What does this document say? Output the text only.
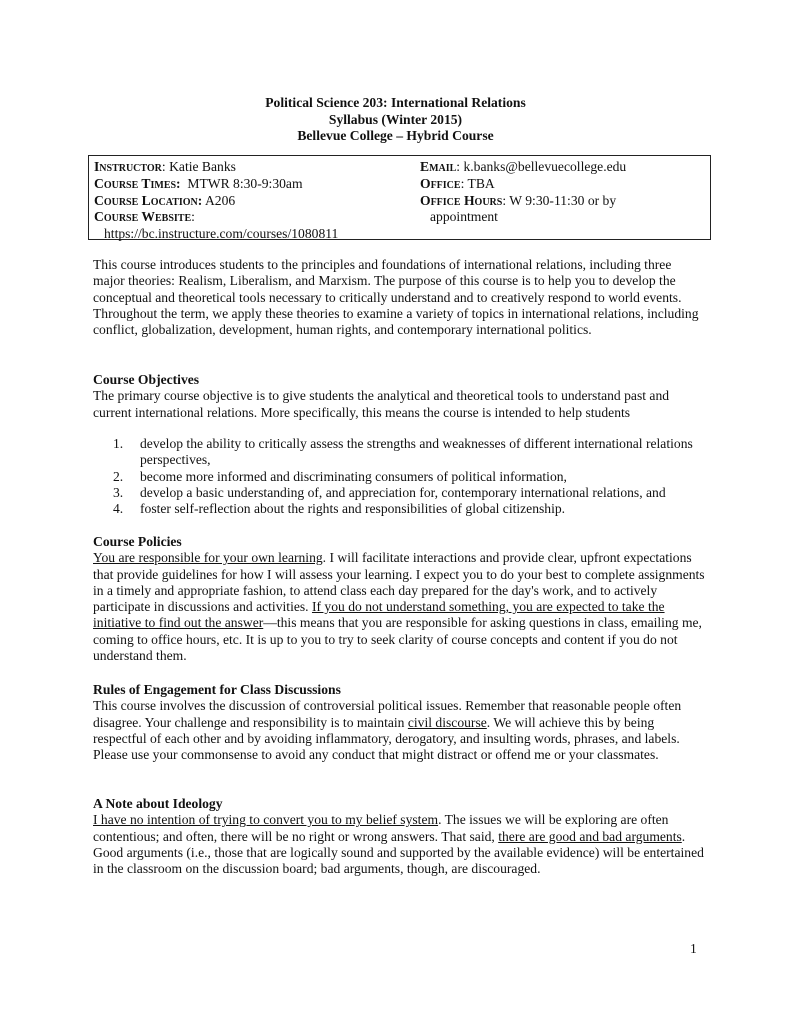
Political Science 203: International Relations
Syllabus (Winter 2015)
Bellevue College – Hybrid Course
Instructor: Katie Banks
Course Times: MTWR 8:30-9:30am
Course Location: A206
Course Website:
https://bc.instructure.com/courses/1080811
Email: k.banks@bellevuecollege.edu
Office: TBA
Office Hours: W 9:30-11:30 or by
appointment
This course introduces students to the principles and foundations of international relations, including three major theories: Realism, Liberalism, and Marxism. The purpose of this course is to help you to develop the conceptual and theoretical tools necessary to critically understand and to creatively respond to world events. Throughout the term, we apply these theories to examine a variety of topics in international relations, including conflict, globalization, development, human rights, and contemporary international politics.
Course Objectives
The primary course objective is to give students the analytical and theoretical tools to understand past and current international relations. More specifically, this means the course is intended to help students
1. develop the ability to critically assess the strengths and weaknesses of different international relations perspectives,
2. become more informed and discriminating consumers of political information,
3. develop a basic understanding of, and appreciation for, contemporary international relations, and
4. foster self-reflection about the rights and responsibilities of global citizenship.
Course Policies
You are responsible for your own learning. I will facilitate interactions and provide clear, upfront expectations that provide guidelines for how I will assess your learning. I expect you to do your best to complete assignments in a timely and appropriate fashion, to attend class each day prepared for the day's work, and to actively participate in discussions and activities. If you do not understand something, you are expected to take the initiative to find out the answer—this means that you are responsible for asking questions in class, emailing me, coming to office hours, etc. It is up to you to try to seek clarity of course concepts and content if you do not understand them.
Rules of Engagement for Class Discussions
This course involves the discussion of controversial political issues. Remember that reasonable people often disagree. Your challenge and responsibility is to maintain civil discourse. We will achieve this by being respectful of each other and by avoiding inflammatory, derogatory, and insulting words, phrases, and labels. Please use your commonsense to avoid any conduct that might distract or offend me or your classmates.
A Note about Ideology
I have no intention of trying to convert you to my belief system. The issues we will be exploring are often contentious; and often, there will be no right or wrong answers. That said, there are good and bad arguments. Good arguments (i.e., those that are logically sound and supported by the available evidence) will be entertained in the classroom on the discussion board; bad arguments, though, are discouraged.
1
